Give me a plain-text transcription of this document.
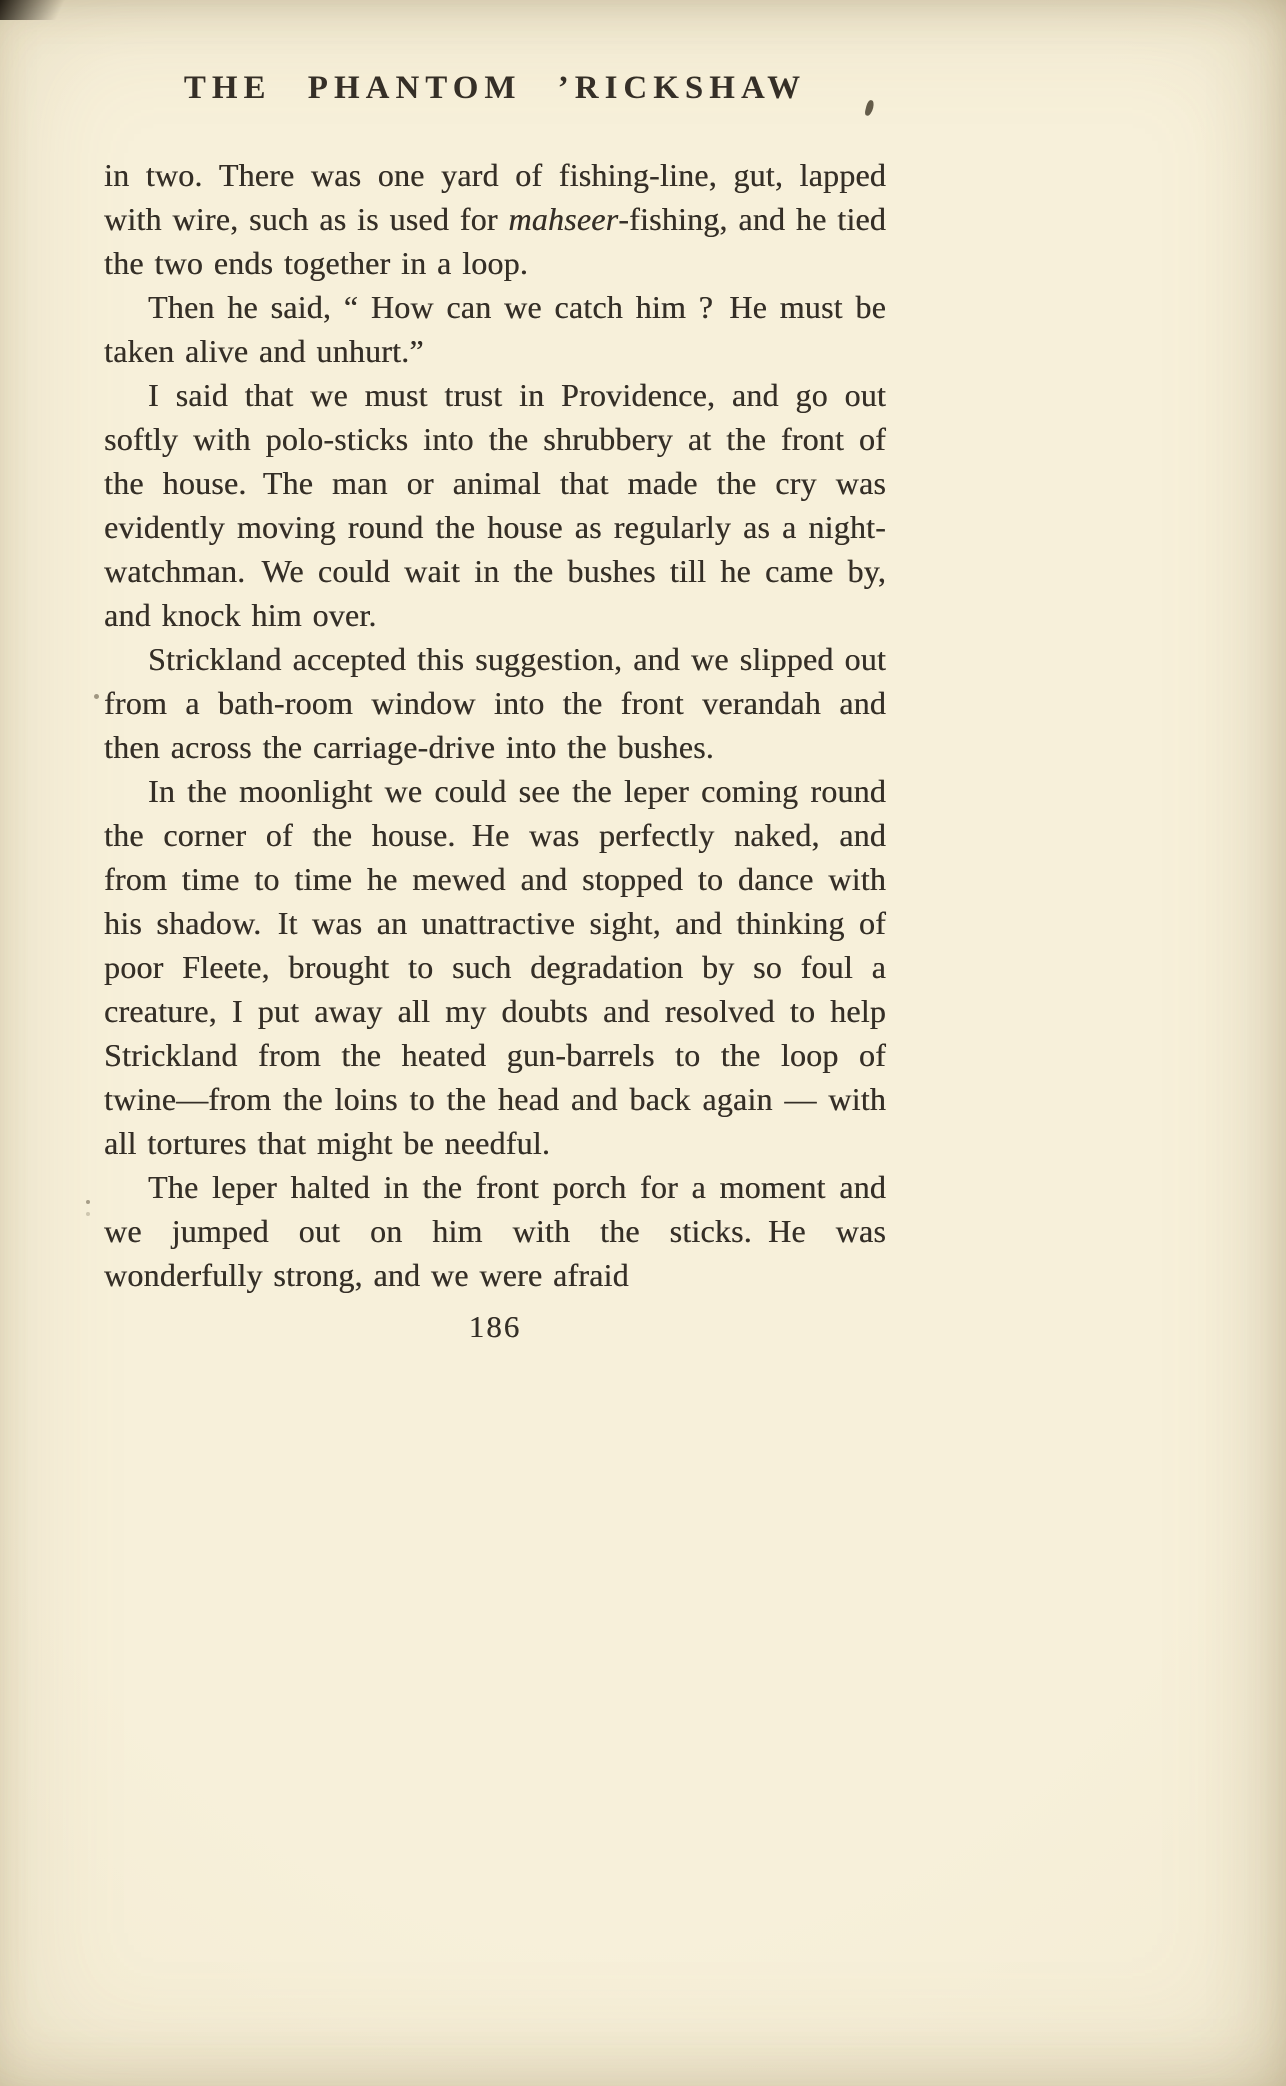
THE PHANTOM ’RICKSHAW

in two. There was one yard of fishing-line, gut, lapped with wire, such as is used for mahseer-fishing, and he tied the two ends together in a loop.

Then he said, “ How can we catch him ? He must be taken alive and unhurt.”

I said that we must trust in Providence, and go out softly with polo-sticks into the shrubbery at the front of the house. The man or animal that made the cry was evidently moving round the house as regularly as a night-watchman. We could wait in the bushes till he came by, and knock him over.

Strickland accepted this suggestion, and we slipped out from a bath-room window into the front verandah and then across the carriage-drive into the bushes.

In the moonlight we could see the leper coming round the corner of the house. He was perfectly naked, and from time to time he mewed and stopped to dance with his shadow. It was an unattractive sight, and thinking of poor Fleete, brought to such degradation by so foul a creature, I put away all my doubts and resolved to help Strickland from the heated gun-barrels to the loop of twine—from the loins to the head and back again — with all tortures that might be needful.

The leper halted in the front porch for a moment and we jumped out on him with the sticks. He was wonderfully strong, and we were afraid

186
